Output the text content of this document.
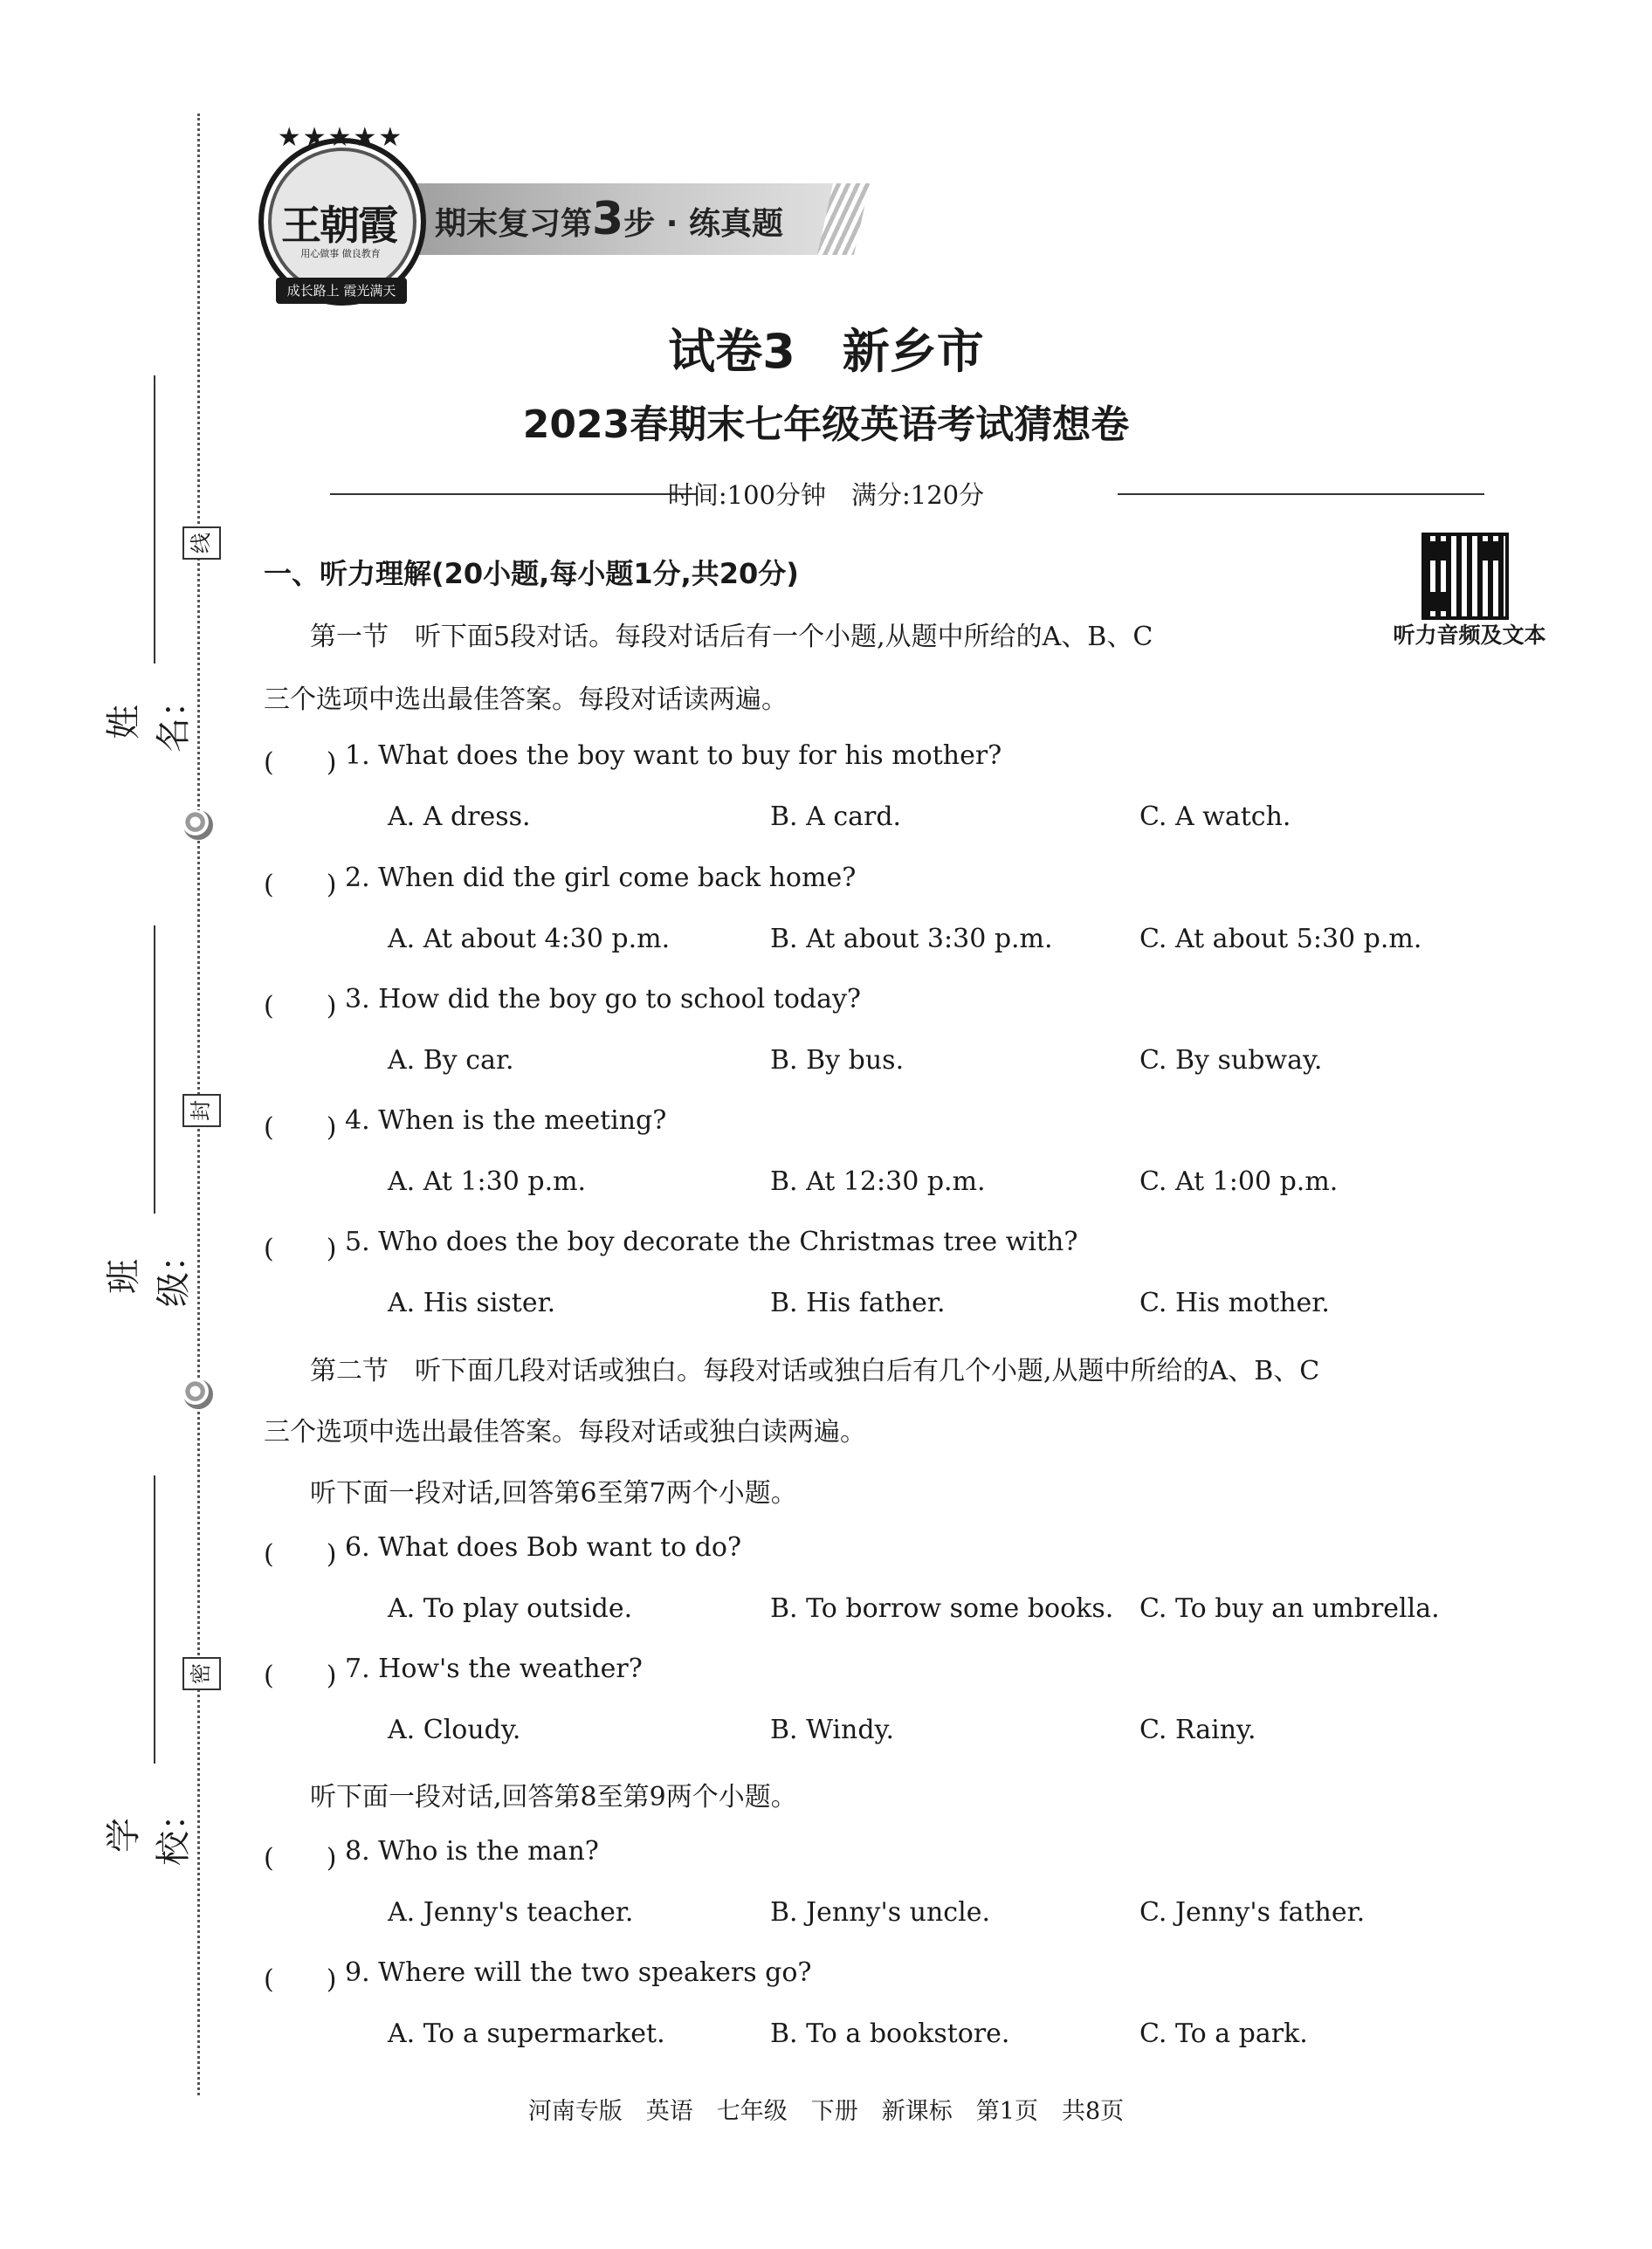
姓名：
班级：
学校：
线
封
密
期末复习第3步 · 练真题
★★★★★
王朝霞
用心做事 做良教育
成长路上 霞光满天
试卷3　新乡市
2023春期末七年级英语考试猜想卷
时间:100分钟　满分:120分
听力音频及文本
一、听力理解(20小题,每小题1分,共20分)
第一节　听下面5段对话。每段对话后有一个小题,从题中所给的A、B、C
三个选项中选出最佳答案。每段对话读两遍。
(　　) 1. What does the boy want to buy for his mother?
A. A dress.	B. A card.	C. A watch.
(　　) 2. When did the girl come back home?
A. At about 4:30 p.m.	B. At about 3:30 p.m.	C. At about 5:30 p.m.
(　　) 3. How did the boy go to school today?
A. By car.	B. By bus.	C. By subway.
(　　) 4. When is the meeting?
A. At 1:30 p.m.	B. At 12:30 p.m.	C. At 1:00 p.m.
(　　) 5. Who does the boy decorate the Christmas tree with?
A. His sister.	B. His father.	C. His mother.
第二节　听下面几段对话或独白。每段对话或独白后有几个小题,从题中所给的A、B、C
三个选项中选出最佳答案。每段对话或独白读两遍。
听下面一段对话,回答第6至第7两个小题。
(　　) 6. What does Bob want to do?
A. To play outside.	B. To borrow some books. C. To buy an umbrella.
(　　) 7. How's the weather?
A. Cloudy.	B. Windy.	C. Rainy.
听下面一段对话,回答第8至第9两个小题。
(　　) 8. Who is the man?
A. Jenny's teacher.	B. Jenny's uncle.	C. Jenny's father.
(　　) 9. Where will the two speakers go?
A. To a supermarket.	B. To a bookstore.	C. To a park.
河南专版　英语　七年级　下册　新课标　第1页　共8页
